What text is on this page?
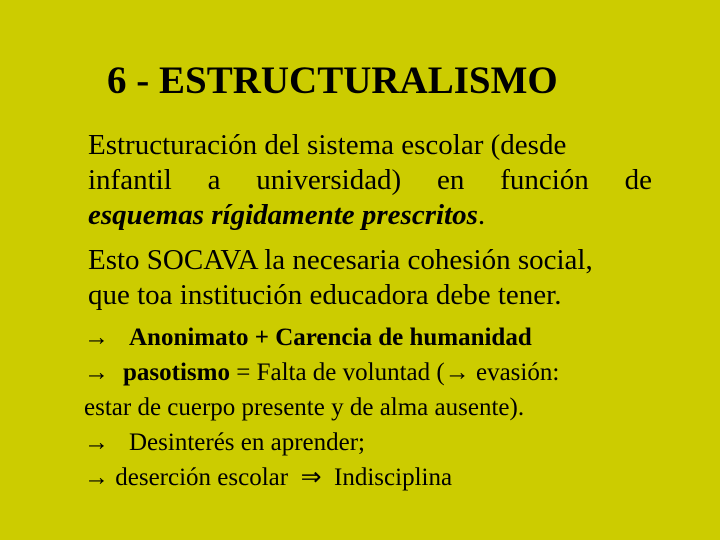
6 - ESTRUCTURALISMO
Estructuración del sistema escolar (desde
infantil a universidad) en función de
esquemas rígidamente prescritos.
Esto SOCAVA la necesaria cohesión social,
que toa institución educadora debe tener.
→ Anonimato + Carencia de humanidad
→ pasotismo = Falta de voluntad (→ evasión:
estar de cuerpo presente y de alma ausente).
→ Desinterés en aprender;
→ deserción escolar ⇒ Indisciplina
